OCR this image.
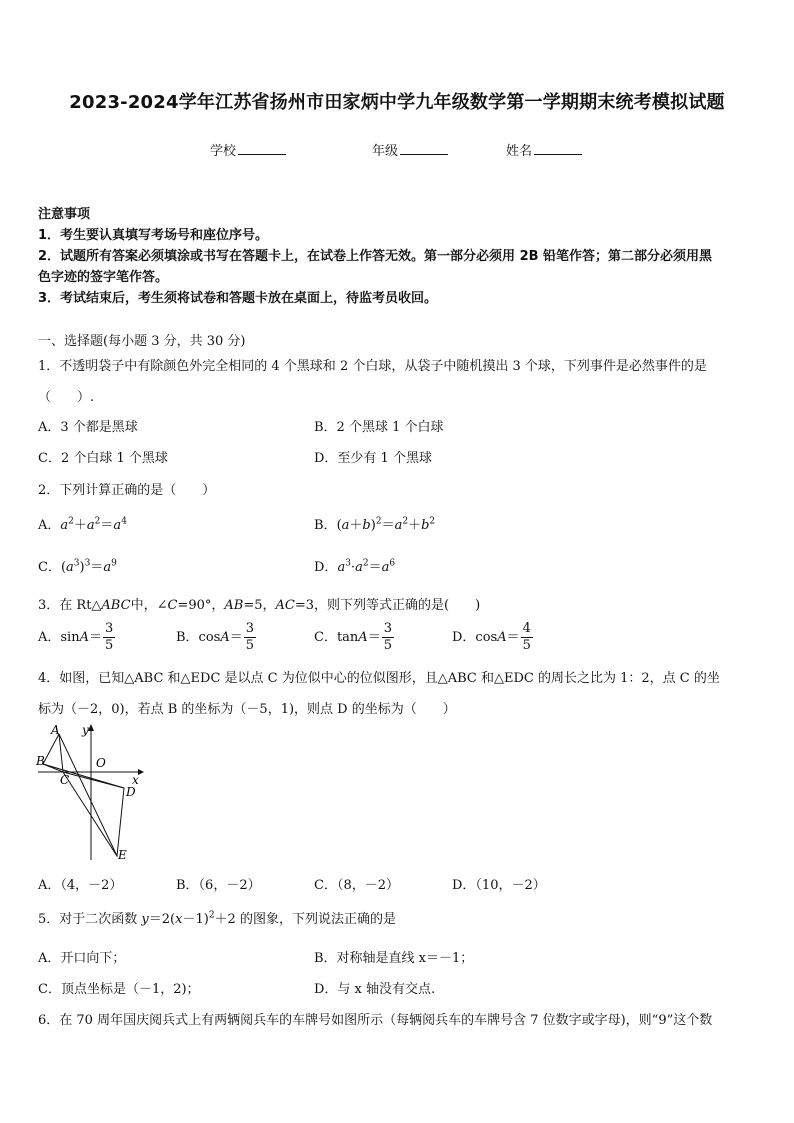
2023-2024学年江苏省扬州市田家炳中学九年级数学第一学期期末统考模拟试题
学校	年级	姓名
注意事项
1．考生要认真填写考场号和座位序号。
2．试题所有答案必须填涂或书写在答题卡上，在试卷上作答无效。第一部分必须用 2B 铅笔作答；第二部分必须用黑
色字迹的签字笔作答。
3．考试结束后，考生须将试卷和答题卡放在桌面上，待监考员收回。
一、选择题(每小题 3 分，共 30 分)
1．不透明袋子中有除颜色外完全相同的 4 个黑球和 2 个白球，从袋子中随机摸出 3 个球，下列事件是必然事件的是
（　　）.
A．3 个都是黑球	B．2 个黑球 1 个白球
C．2 个白球 1 个黑球	D．至少有 1 个黑球
2．下列计算正确的是（　　）
A．$a^2+a^2=a^4$	B．$(a+b)^2=a^2+b^2$
C．$(a^3)^3=a^9$	D．$a^3\cdot a^2=a^6$
3．在 Rt△ABC中，∠C=90°，AB=5，AC=3，则下列等式正确的是(　　)
A．$\sin A= \frac{3}{5}$	B．$\cos A= \frac{3}{5}$	C．$\tan A= \frac{3}{5}$	D．$\cos A= \frac{4}{5}$
4．如图，已知△ABC 和△EDC 是以点 C 为位似中心的位似图形，且△ABC 和△EDC 的周长之比为 1：2，点 C 的坐
标为（－2，0)，若点 B 的坐标为（－5，1)，则点 D 的坐标为（　　）
A
B
C
D
E
O
x
y
A．（4，－2）	B．（6，－2）	C．（8，－2）	D．（10，－2）
5．对于二次函数 $y=2(x-1)^2+2$ 的图象，下列说法正确的是
A．开口向下；	B．对称轴是直线 x＝－1；
C．顶点坐标是（－1，2)；	D．与 x 轴没有交点.
6．在 70 周年国庆阅兵式上有两辆阅兵车的车牌号如图所示（每辆阅兵车的车牌号含 7 位数字或字母)，则“9”这个数
